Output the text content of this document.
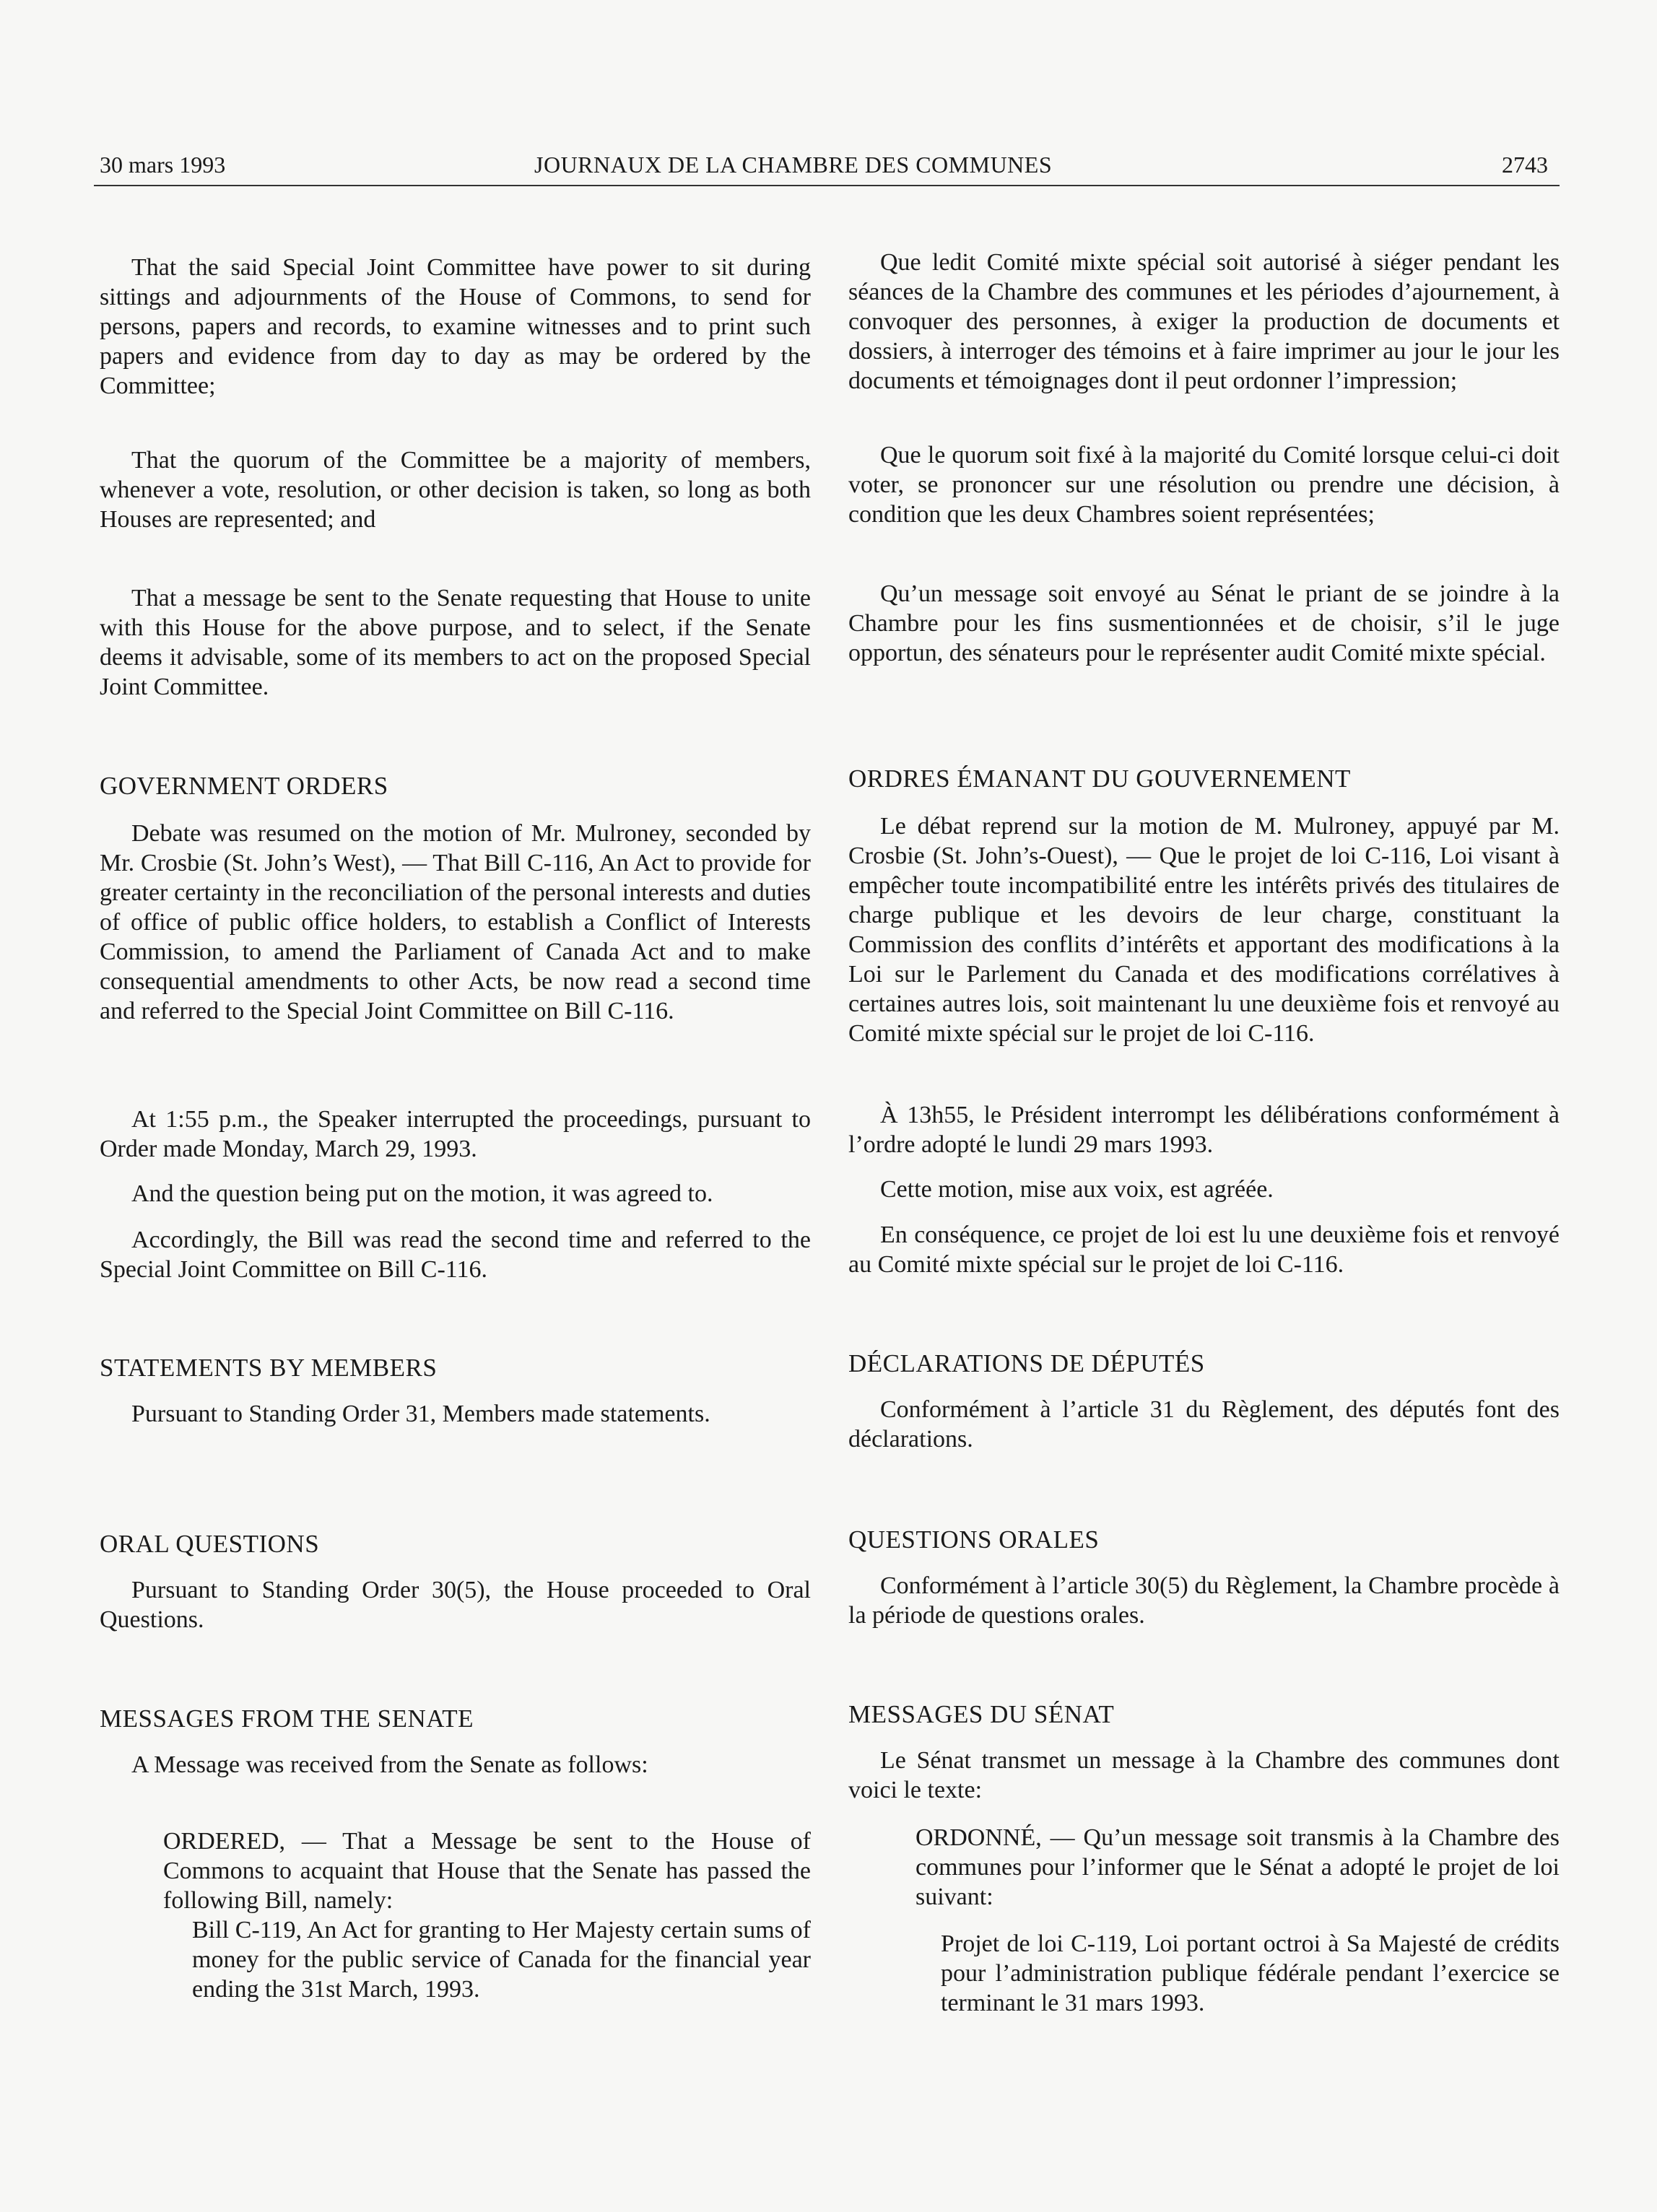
30 mars 1993	JOURNAUX DE LA CHAMBRE DES COMMUNES	2743
That the said Special Joint Committee have power to sit during sittings and adjournments of the House of Commons, to send for persons, papers and records, to examine witnesses and to print such papers and evidence from day to day as may be ordered by the Committee;
That the quorum of the Committee be a majority of members, whenever a vote, resolution, or other decision is taken, so long as both Houses are represented; and
That a message be sent to the Senate requesting that House to unite with this House for the above purpose, and to select, if the Senate deems it advisable, some of its members to act on the proposed Special Joint Committee.
GOVERNMENT ORDERS
Debate was resumed on the motion of Mr. Mulroney, seconded by Mr. Crosbie (St. John’s West), — That Bill C-116, An Act to provide for greater certainty in the reconciliation of the personal interests and duties of office of public office holders, to establish a Conflict of Interests Commission, to amend the Parliament of Canada Act and to make consequential amendments to other Acts, be now read a second time and referred to the Special Joint Committee on Bill C-116.
At 1:55 p.m., the Speaker interrupted the proceedings, pursuant to Order made Monday, March 29, 1993.
And the question being put on the motion, it was agreed to.
Accordingly, the Bill was read the second time and referred to the Special Joint Committee on Bill C-116.
STATEMENTS BY MEMBERS
Pursuant to Standing Order 31, Members made statements.
ORAL QUESTIONS
Pursuant to Standing Order 30(5), the House proceeded to Oral Questions.
MESSAGES FROM THE SENATE
A Message was received from the Senate as follows:
ORDERED, — That a Message be sent to the House of Commons to acquaint that House that the Senate has passed the following Bill, namely:
Bill C-119, An Act for granting to Her Majesty certain sums of money for the public service of Canada for the financial year ending the 31st March, 1993.
Que ledit Comité mixte spécial soit autorisé à siéger pendant les séances de la Chambre des communes et les périodes d’ajournement, à convoquer des personnes, à exiger la production de documents et dossiers, à interroger des témoins et à faire imprimer au jour le jour les documents et témoignages dont il peut ordonner l’impression;
Que le quorum soit fixé à la majorité du Comité lorsque celui-ci doit voter, se prononcer sur une résolution ou prendre une décision, à condition que les deux Chambres soient représentées;
Qu’un message soit envoyé au Sénat le priant de se joindre à la Chambre pour les fins susmentionnées et de choisir, s’il le juge opportun, des sénateurs pour le représenter audit Comité mixte spécial.
ORDRES ÉMANANT DU GOUVERNEMENT
Le débat reprend sur la motion de M. Mulroney, appuyé par M. Crosbie (St. John’s-Ouest), — Que le projet de loi C-116, Loi visant à empêcher toute incompatibilité entre les intérêts privés des titulaires de charge publique et les devoirs de leur charge, constituant la Commission des conflits d’intérêts et apportant des modifications à la Loi sur le Parlement du Canada et des modifications corrélatives à certaines autres lois, soit maintenant lu une deuxième fois et renvoyé au Comité mixte spécial sur le projet de loi C-116.
À 13h55, le Président interrompt les délibérations conformément à l’ordre adopté le lundi 29 mars 1993.
Cette motion, mise aux voix, est agréée.
En conséquence, ce projet de loi est lu une deuxième fois et renvoyé au Comité mixte spécial sur le projet de loi C-116.
DÉCLARATIONS DE DÉPUTÉS
Conformément à l’article 31 du Règlement, des députés font des déclarations.
QUESTIONS ORALES
Conformément à l’article 30(5) du Règlement, la Chambre procède à la période de questions orales.
MESSAGES DU SÉNAT
Le Sénat transmet un message à la Chambre des communes dont voici le texte:
ORDONNÉ, — Qu’un message soit transmis à la Chambre des communes pour l’informer que le Sénat a adopté le projet de loi suivant:
Projet de loi C-119, Loi portant octroi à Sa Majesté de crédits pour l’administration publique fédérale pendant l’exercice se terminant le 31 mars 1993.
